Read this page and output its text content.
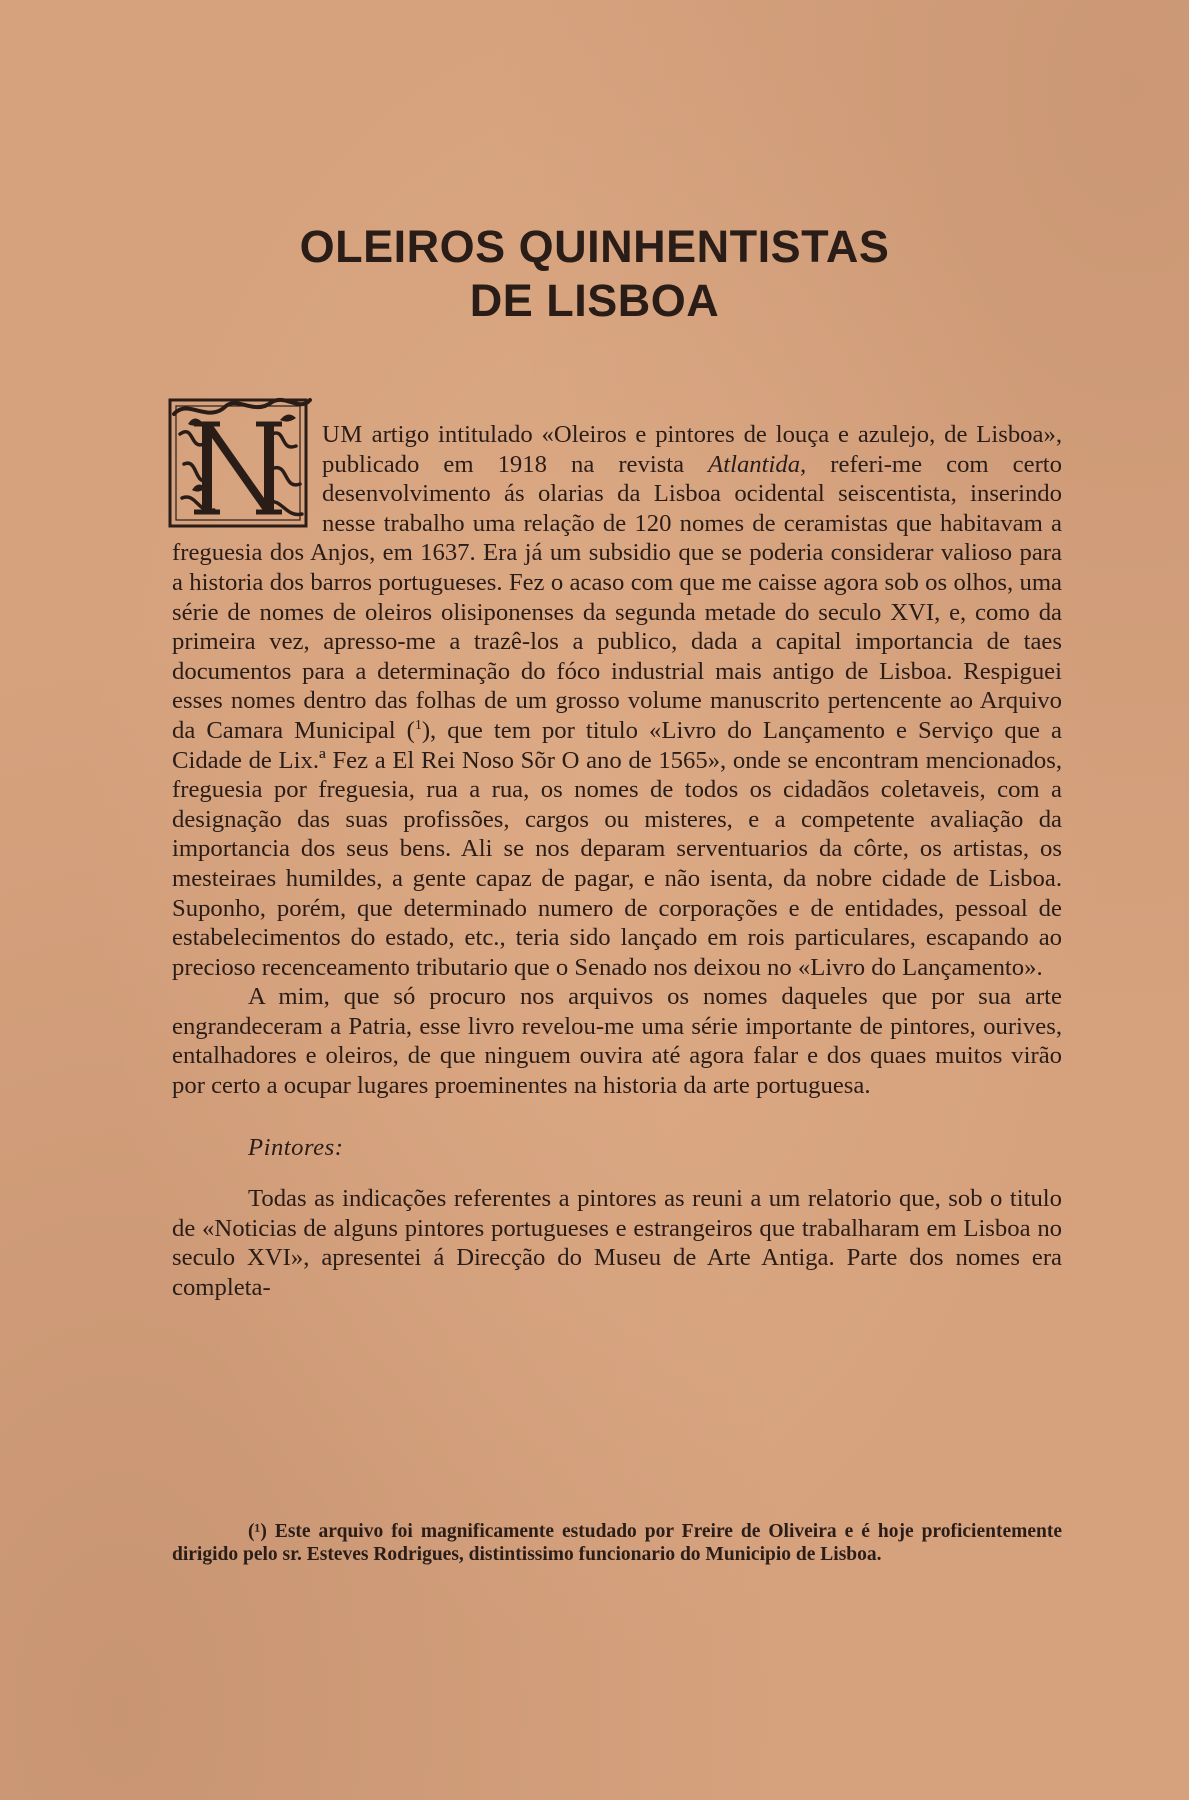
OLEIROS QUINHENTISTAS
DE LISBOA

UM artigo intitulado «Oleiros e pintores de louça e azulejo, de Lisboa», publicado em 1918 na revista Atlantida, referi-me com certo desenvolvimento ás olarias da Lisboa ocidental seiscentista, inserindo nesse trabalho uma relação de 120 nomes de ceramistas que habitavam a freguesia dos Anjos, em 1637. Era já um subsidio que se poderia considerar valioso para a historia dos barros portugueses. Fez o acaso com que me caisse agora sob os olhos, uma série de nomes de oleiros olisiponenses da segunda metade do seculo XVI, e, como da primeira vez, apresso-me a trazê-los a publico, dada a capital importancia de taes documentos para a determinação do fóco industrial mais antigo de Lisboa. Respiguei esses nomes dentro das folhas de um grosso volume manuscrito pertencente ao Arquivo da Camara Municipal ($^1$), que tem por titulo «Livro do Lançamento e Serviço que a Cidade de Lix.ª Fez a El Rei Noso Sõr O ano de 1565», onde se encontram mencionados, freguesia por freguesia, rua a rua, os nomes de todos os cidadãos coletaveis, com a designação das suas profissões, cargos ou misteres, e a competente avaliação da importancia dos seus bens. Ali se nos deparam serventuarios da côrte, os artistas, os mesteiraes humildes, a gente capaz de pagar, e não isenta, da nobre cidade de Lisboa. Suponho, porém, que determinado numero de corporações e de entidades, pessoal de estabelecimentos do estado, etc., teria sido lançado em rois particulares, escapando ao precioso recenceamento tributario que o Senado nos deixou no «Livro do Lançamento».

A mim, que só procuro nos arquivos os nomes daqueles que por sua arte engrandeceram a Patria, esse livro revelou-me uma série importante de pintores, ourives, entalhadores e oleiros, de que ninguem ouvira até agora falar e dos quaes muitos virão por certo a ocupar lugares proeminentes na historia da arte portuguesa.

Pintores:

Todas as indicações referentes a pintores as reuni a um relatorio que, sob o titulo de «Noticias de alguns pintores portugueses e estrangeiros que trabalharam em Lisboa no seculo XVI», apresentei á Direcção do Museu de Arte Antiga. Parte dos nomes era completa-

(¹) Este arquivo foi magnificamente estudado por Freire de Oliveira e é hoje proficientemente dirigido pelo sr. Esteves Rodrigues, distintissimo funcionario do Municipio de Lisboa.
